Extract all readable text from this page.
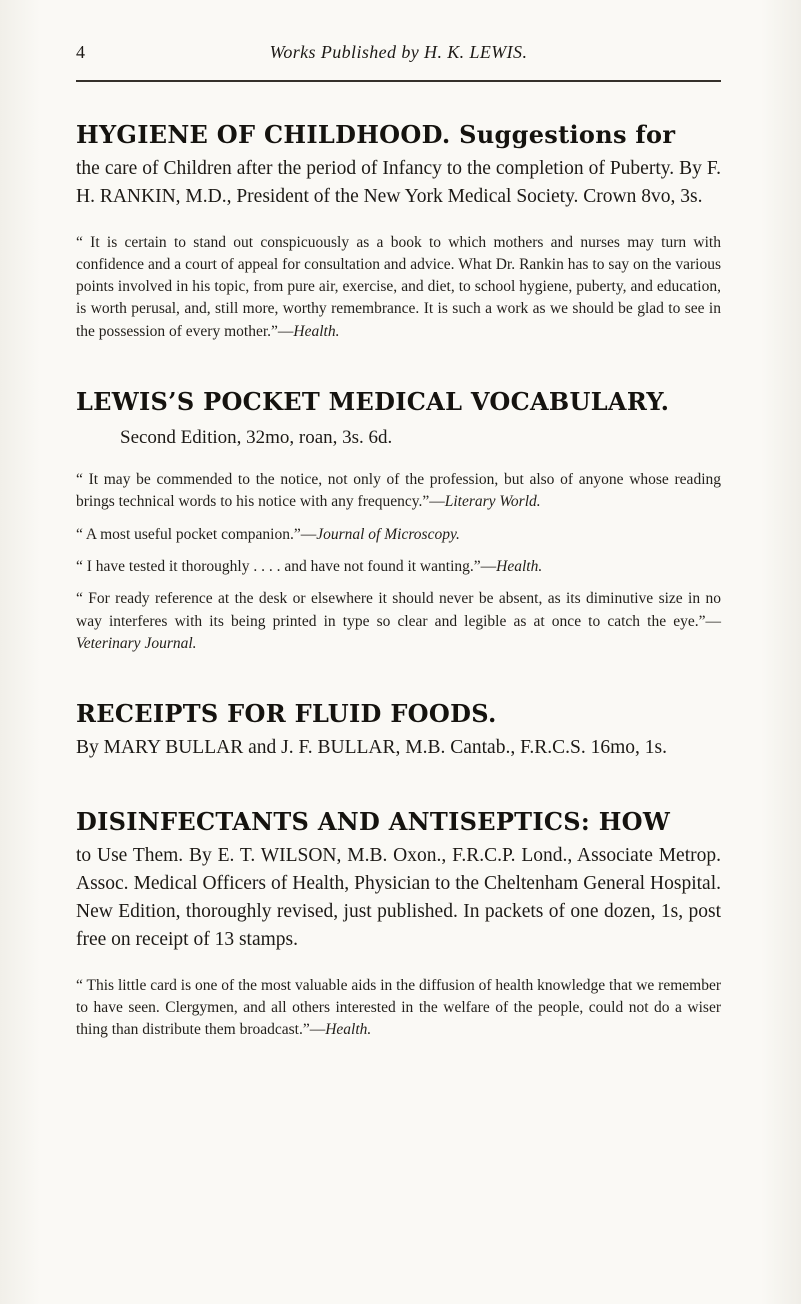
4	Works Published by H. K. LEWIS.
HYGIENE OF CHILDHOOD. Suggestions for

the care of Children after the period of Infancy to the completion of Puberty. By F. H. RANKIN, M.D., President of the New York Medical Society. Crown 8vo, 3s.

“ It is certain to stand out conspicuously as a book to which mothers and nurses may turn with confidence and a court of appeal for consultation and advice. What Dr. Rankin has to say on the various points involved in his topic, from pure air, exercise, and diet, to school hygiene, puberty, and education, is worth perusal, and, still more, worthy remembrance. It is such a work as we should be glad to see in the possession of every mother.”—Health.

LEWIS’S POCKET MEDICAL VOCABULARY.

Second Edition, 32mo, roan, 3s. 6d.

“ It may be commended to the notice, not only of the profession, but also of anyone whose reading brings technical words to his notice with any frequency.”—Literary World.

“ A most useful pocket companion.”—Journal of Microscopy.

“ I have tested it thoroughly . . . . and have not found it wanting.”—Health.

“ For ready reference at the desk or elsewhere it should never be absent, as its diminutive size in no way interferes with its being printed in type so clear and legible as at once to catch the eye.”—Veterinary Journal.

RECEIPTS FOR FLUID FOODS.

By MARY BULLAR and J. F. BULLAR, M.B. Cantab., F.R.C.S. 16mo, 1s.

DISINFECTANTS AND ANTISEPTICS: HOW

to Use Them. By E. T. WILSON, M.B. Oxon., F.R.C.P. Lond., Associate Metrop. Assoc. Medical Officers of Health, Physician to the Cheltenham General Hospital. New Edition, thoroughly revised, just published. In packets of one dozen, 1s, post free on receipt of 13 stamps.

“ This little card is one of the most valuable aids in the diffusion of health knowledge that we remember to have seen. Clergymen, and all others interested in the welfare of the people, could not do a wiser thing than distribute them broadcast.”—Health.
